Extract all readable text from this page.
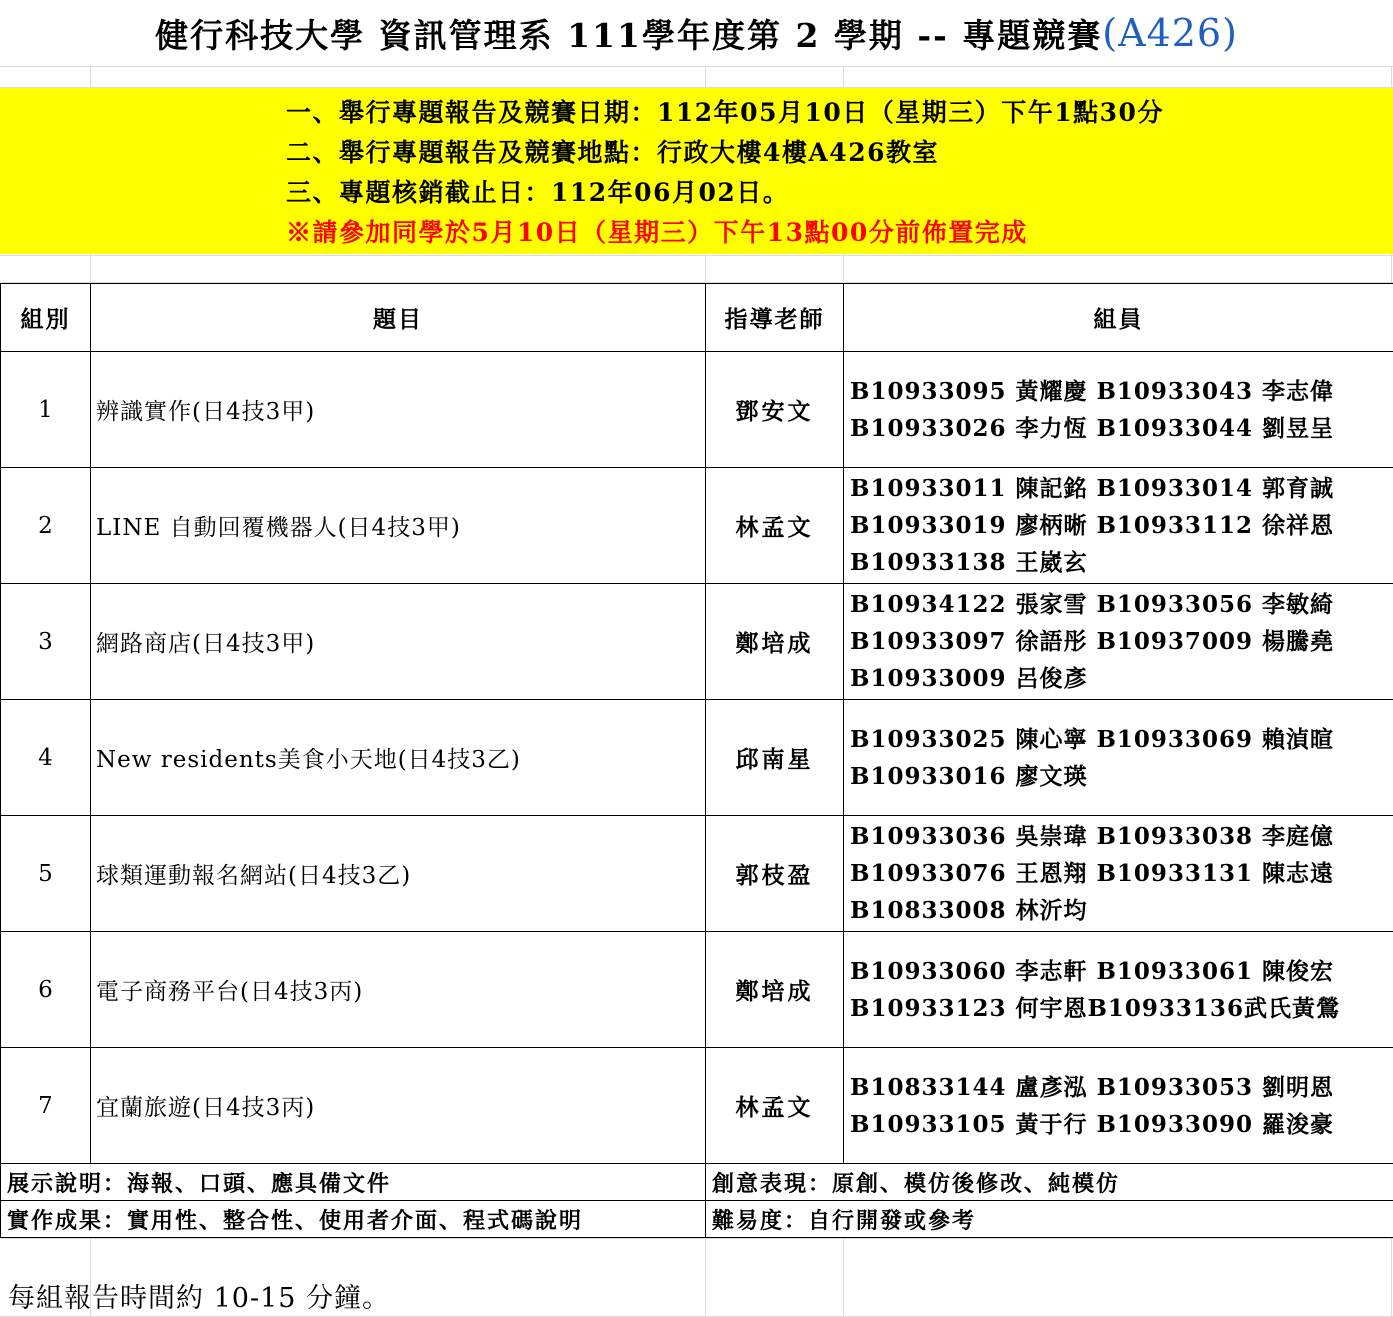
健行科技大學 資訊管理系 111學年度第 2 學期 -- 專題競賽 (A426)
一、舉行專題報告及競賽日期：112年05月10日（星期三）下午1點30分
二、舉行專題報告及競賽地點：行政大樓4樓A426教室
三、專題核銷截止日：112年06月02日。
※請參加同學於5月10日（星期三）下午13點00分前佈置完成
組別	題目	指導老師	組員
1	辨識實作(日4技3甲)	鄧安文	B10933095 黃耀慶 B10933043 李志偉
B10933026 李力恆 B10933044 劉昱呈

2	LINE 自動回覆機器人(日4技3甲)	林孟文	B10933011 陳記銘 B10933014 郭育誠
B10933019 廖柄晰 B10933112 徐祥恩
B10933138 王崴玄

3	網路商店(日4技3甲)	鄭培成	B10934122 張家雪 B10933056 李敏綺
B10933097 徐語彤 B10937009 楊騰堯
B10933009 呂俊彥

4	New residents美食小天地(日4技3乙)	邱南星	B10933025 陳心寧 B10933069 賴湞暄
B10933016 廖文瑛

5	球類運動報名網站(日4技3乙)	郭枝盈	B10933036 吳崇瑋 B10933038 李庭億
B10933076 王恩翔 B10933131 陳志遠
B10833008 林沂均

6	電子商務平台(日4技3丙)	鄭培成	B10933060 李志軒 B10933061 陳俊宏
B10933123 何宇恩B10933136武氏黃鶯

7	宜蘭旅遊(日4技3丙)	林孟文	B10833144 盧彥泓 B10933053 劉明恩
B10933105 黃于行 B10933090 羅浚豪

展示說明：海報、口頭、應具備文件		創意表現：原創、模仿後修改、純模仿	
實作成果：實用性、整合性、使用者介面、程式碼說明		難易度：自行開發或參考	
每組報告時間約 10-15 分鐘。
